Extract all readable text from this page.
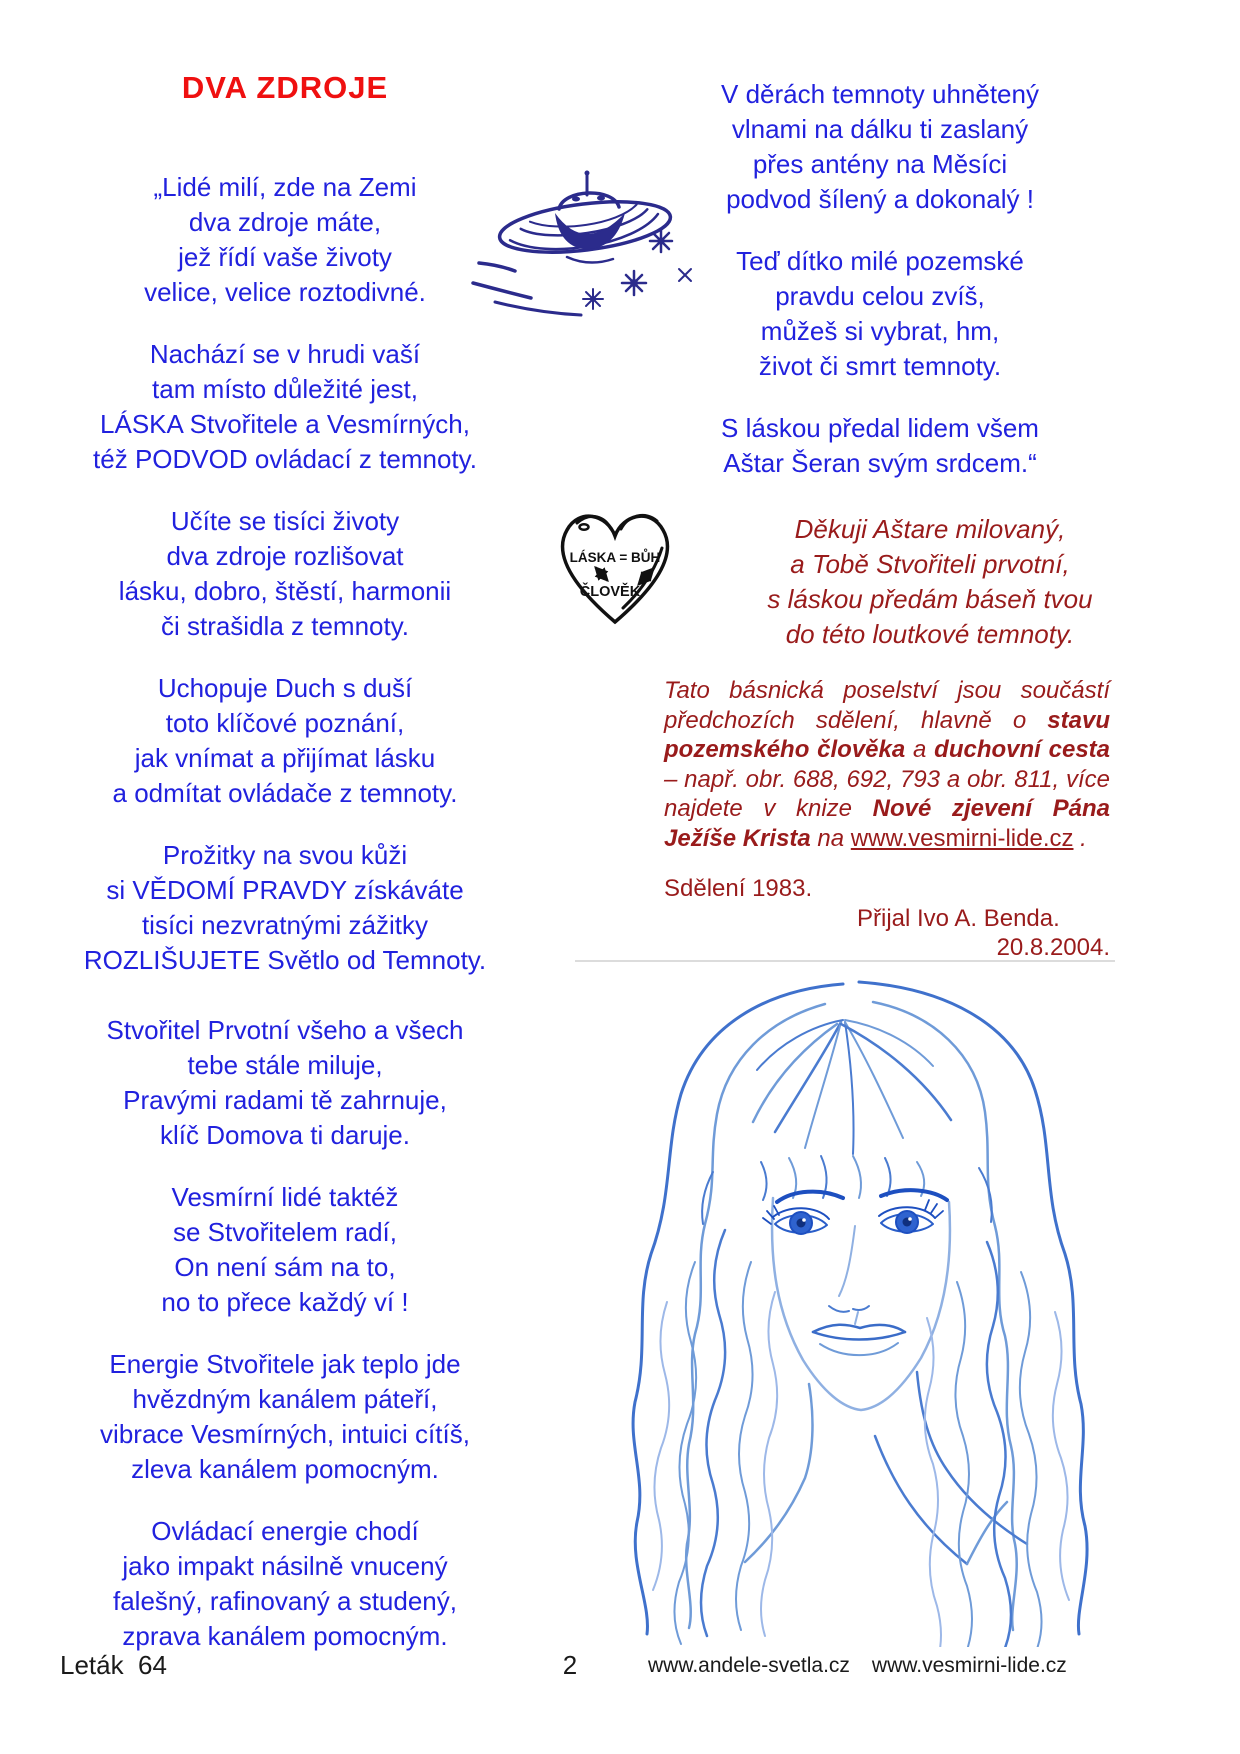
DVA ZDROJE
LÁSKA = BŮH
ČLOVĚK
„Lidé milí, zde na Zemi
dva zdroje máte,
jež řídí vaše životy
velice, velice roztodivné.
Nachází se v hrudi vaší
tam místo důležité jest,
LÁSKA Stvořitele a Vesmírných,
též PODVOD ovládací z temnoty.
Učíte se tisíci životy
dva zdroje rozlišovat
lásku, dobro, štěstí, harmonii
či strašidla z temnoty.
Uchopuje Duch s duší
toto klíčové poznání,
jak vnímat a přijímat lásku
a odmítat ovládače z temnoty.
Prožitky na svou kůži
si VĚDOMÍ PRAVDY získáváte
tisíci nezvratnými zážitky
ROZLIŠUJETE Světlo od Temnoty.
Stvořitel Prvotní všeho a všech
tebe stále miluje,
Pravými radami tě zahrnuje,
klíč Domova ti daruje.
Vesmírní lidé taktéž
se Stvořitelem radí,
On není sám na to,
no to přece každý ví !
Energie Stvořitele jak teplo jde
hvězdným kanálem páteří,
vibrace Vesmírných, intuici cítíš,
zleva kanálem pomocným.
Ovládací energie chodí
jako impakt násilně vnucený
falešný, rafinovaný a studený,
zprava kanálem pomocným.
V děrách temnoty uhnětený
vlnami na dálku ti zaslaný
přes antény na Měsíci
podvod šílený a dokonalý !
Teď dítko milé pozemské
pravdu celou zvíš,
můžeš si vybrat, hm,
život či smrt temnoty.
S láskou předal lidem všem
Aštar Šeran svým srdcem.“
Děkuji Aštare milovaný,
a Tobě Stvořiteli prvotní,
s láskou předám báseň tvou
do této loutkové temnoty.
Tato básnická poselství jsou součástí předchozích sdělení, hlavně o stavu pozemského člověka a duchovní cesta – např. obr. 688, 692, 793 a obr. 811, více najdete v knize Nové zjevení Pána Ježíše Krista na www.vesmirni-lide.cz .
Sdělení 1983.
Přijal Ivo A. Benda.
20.8.2004.
Leták  64	2	www.andele-svetla.cz www.vesmirni-lide.cz
